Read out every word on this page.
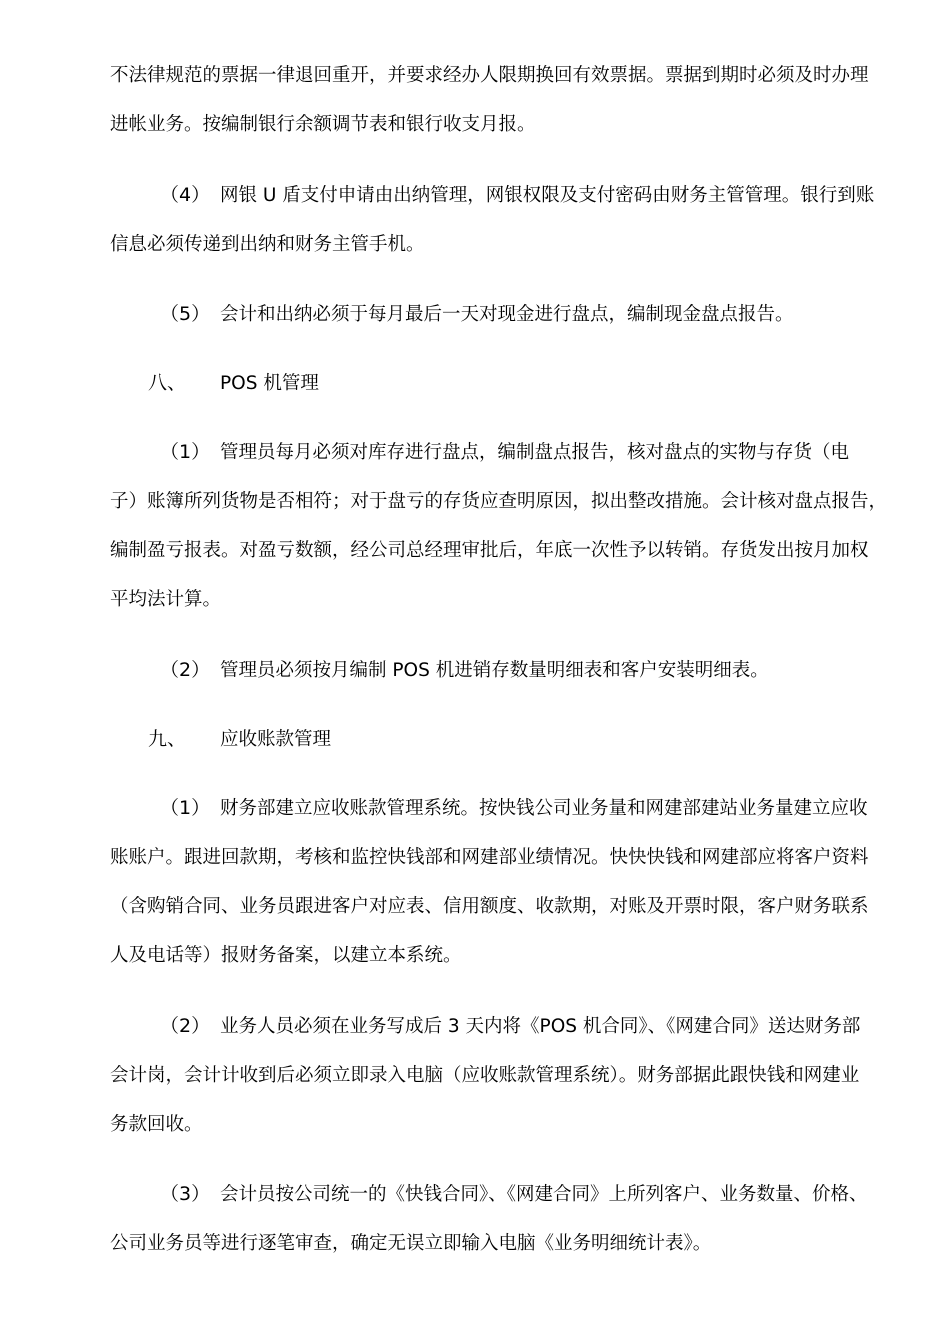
不法律规范的票据一律退回重开，并要求经办人限期换回有效票据。票据到期时必须及时办理
进帐业务。按编制银行余额调节表和银行收支月报。
（4） 网银 U 盾支付申请由出纳管理，网银权限及支付密码由财务主管管理。银行到账
信息必须传递到出纳和财务主管手机。
（5） 会计和出纳必须于每月最后一天对现金进行盘点，编制现金盘点报告。
八、 POS 机管理
（1） 管理员每月必须对库存进行盘点，编制盘点报告，核对盘点的实物与存货（电
子）账簿所列货物是否相符；对于盘亏的存货应查明原因，拟出整改措施。会计核对盘点报告，
编制盈亏报表。对盈亏数额，经公司总经理审批后，年底一次性予以转销。存货发出按月加权
平均法计算。
（2） 管理员必须按月编制 POS 机进销存数量明细表和客户安装明细表。
九、 应收账款管理
（1） 财务部建立应收账款管理系统。按快钱公司业务量和网建部建站业务量建立应收
账账户。跟进回款期，考核和监控快钱部和网建部业绩情况。快快快钱和网建部应将客户资料
（含购销合同、业务员跟进客户对应表、信用额度、收款期，对账及开票时限，客户财务联系
人及电话等）报财务备案，以建立本系统。
（2） 业务人员必须在业务写成后 3 天内将《POS 机合同》、《网建合同》送达财务部
会计岗，会计计收到后必须立即录入电脑（应收账款管理系统）。财务部据此跟快钱和网建业
务款回收。
（3） 会计员按公司统一的《快钱合同》、《网建合同》上所列客户、业务数量、价格、
公司业务员等进行逐笔审查，确定无误立即输入电脑《业务明细统计表》。
